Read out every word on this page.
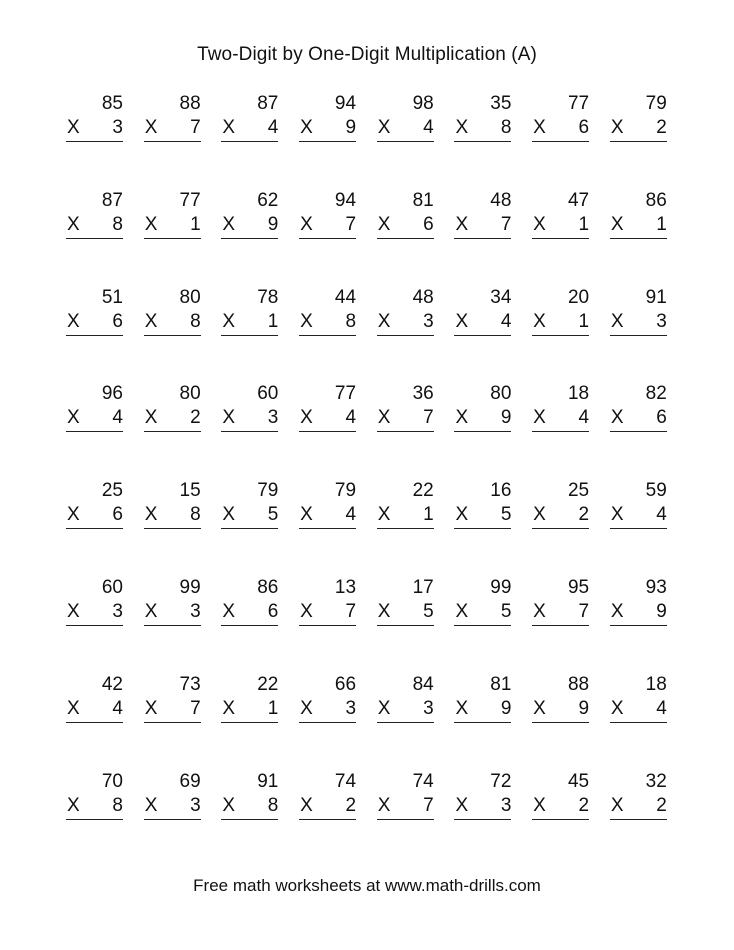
Two-Digit by One-Digit Multiplication (A)
85
X 3
88
X 7
87
X 4
94
X 9
98
X 4
35
X 8
77
X 6
79
X 2
87
X 8
77
X 1
62
X 9
94
X 7
81
X 6
48
X 7
47
X 1
86
X 1
51
X 6
80
X 8
78
X 1
44
X 8
48
X 3
34
X 4
20
X 1
91
X 3
96
X 4
80
X 2
60
X 3
77
X 4
36
X 7
80
X 9
18
X 4
82
X 6
25
X 6
15
X 8
79
X 5
79
X 4
22
X 1
16
X 5
25
X 2
59
X 4
60
X 3
99
X 3
86
X 6
13
X 7
17
X 5
99
X 5
95
X 7
93
X 9
42
X 4
73
X 7
22
X 1
66
X 3
84
X 3
81
X 9
88
X 9
18
X 4
70
X 8
69
X 3
91
X 8
74
X 2
74
X 7
72
X 3
45
X 2
32
X 2
Free math worksheets at www.math-drills.com
